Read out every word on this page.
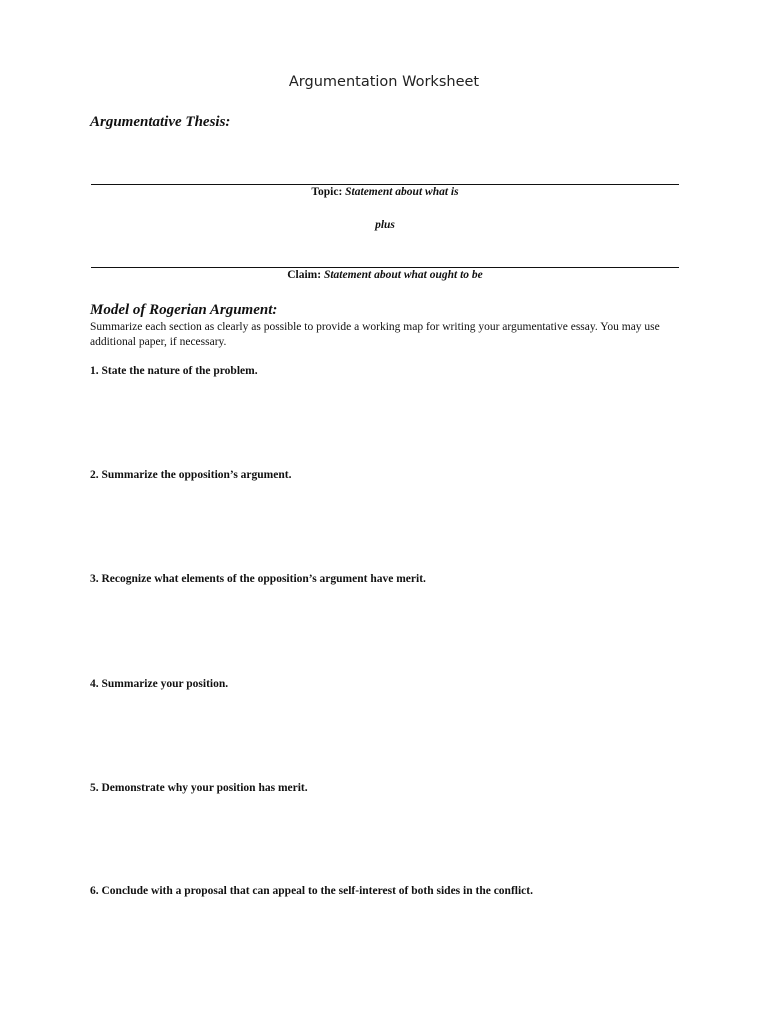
Argumentation Worksheet
Argumentative Thesis:
Topic: Statement about what is
plus
Claim: Statement about what ought to be
Model of Rogerian Argument:
Summarize each section as clearly as possible to provide a working map for writing your argumentative essay. You may use additional paper, if necessary.
1. State the nature of the problem.
2. Summarize the opposition’s argument.
3. Recognize what elements of the opposition’s argument have merit.
4. Summarize your position.
5. Demonstrate why your position has merit.
6. Conclude with a proposal that can appeal to the self-interest of both sides in the conflict.
